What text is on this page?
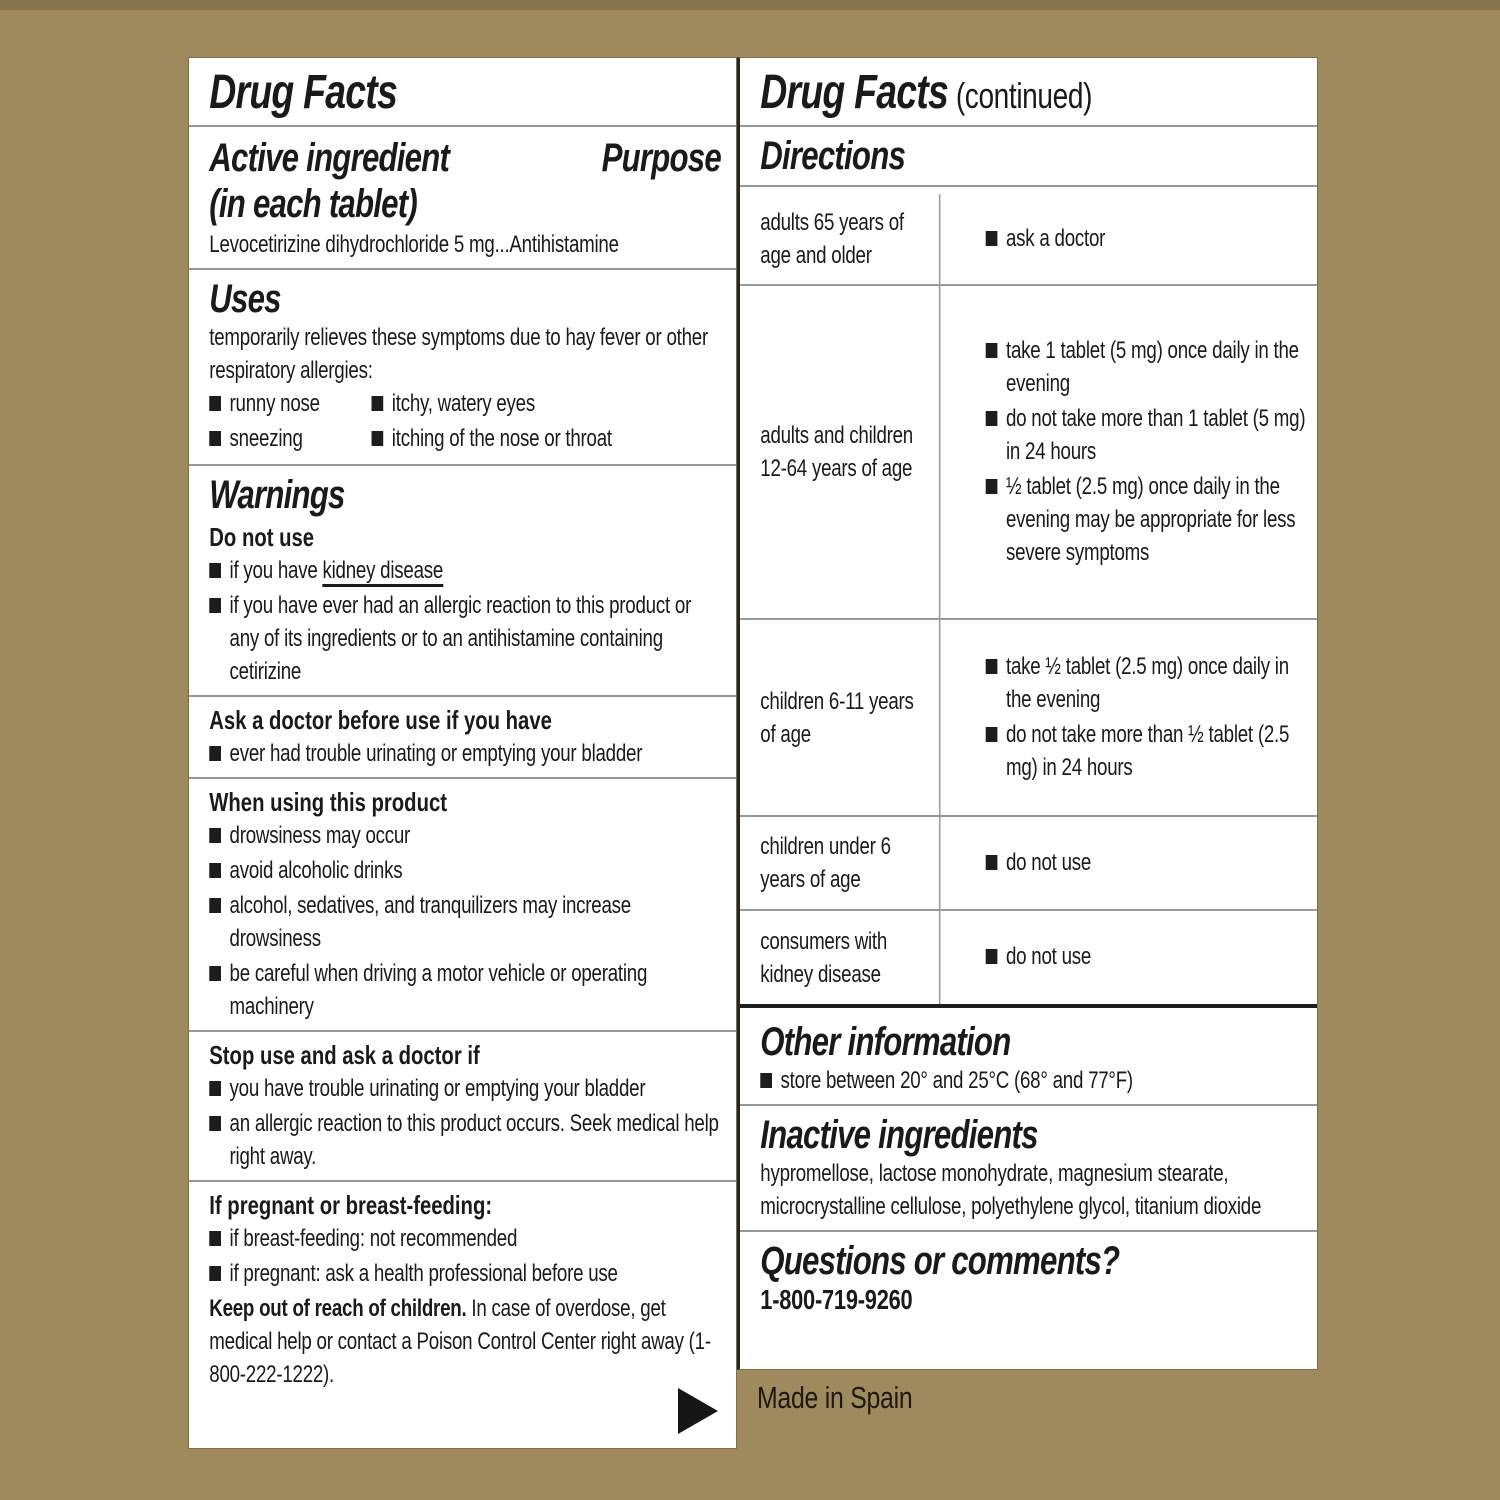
Drug Facts
Active ingredient	Purpose
(in each tablet)

Levocetirizine dihydrochloride 5 mg...Antihistamine

Uses

temporarily relieves these symptoms due to hay fever or other respiratory allergies:

runny nose
sneezing
itchy, watery eyes
itching of the nose or throat
Warnings
Do not use
if you have kidney disease
if you have ever had an allergic reaction to this product or any of its ingredients or to an antihistamine containing cetirizine
Ask a doctor before use if you have
ever had trouble urinating or emptying your bladder
When using this product
drowsiness may occur
avoid alcoholic drinks
alcohol, sedatives, and tranquilizers may increase drowsiness
be careful when driving a motor vehicle or operating machinery
Stop use and ask a doctor if
you have trouble urinating or emptying your bladder
an allergic reaction to this product occurs. Seek medical help right away.
If pregnant or breast-feeding:
if breast-feeding: not recommended
if pregnant: ask a health professional before use

Keep out of reach of children. In case of overdose, get medical help or contact a Poison Control Center right away (1-800-222-1222).

Drug Facts (continued)
Directions
adults 65 years of age and older
ask a doctor
adults and children 12-64 years of age
take 1 tablet (5 mg) once daily in the evening
do not take more than 1 tablet (5 mg) in 24 hours
½ tablet (2.5 mg) once daily in the evening may be appropriate for less severe symptoms
children 6-11 years of age
take ½ tablet (2.5 mg) once daily in the evening
do not take more than ½ tablet (2.5 mg) in 24 hours
children under 6 years of age
do not use
consumers with kidney disease
do not use
Other information
store between 20° and 25°C (68° and 77°F)
Inactive ingredients

hypromellose, lactose monohydrate, magnesium stearate, microcrystalline cellulose, polyethylene glycol, titanium dioxide

Questions or comments?

1-800-719-9260

Made in Spain
